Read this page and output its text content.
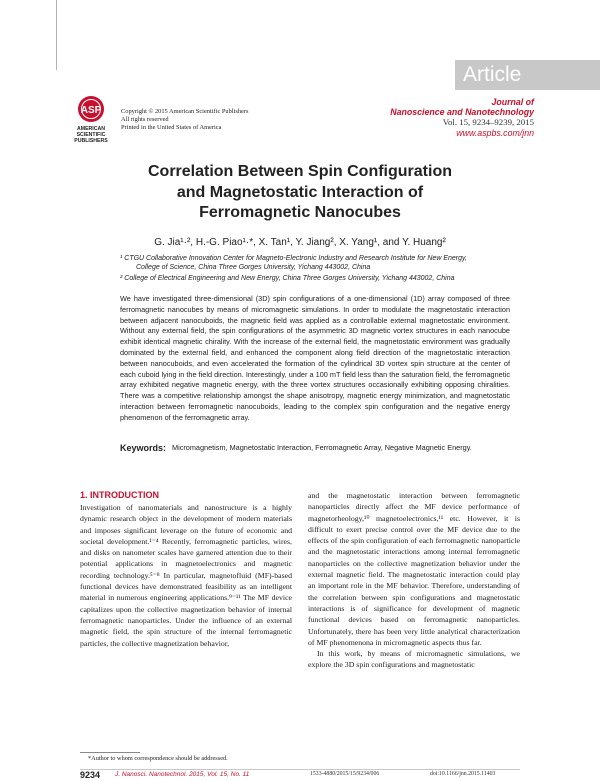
Article
ASP
AMERICAN
SCIENTIFIC
PUBLISHERS
Copyright © 2015 American Scientific Publishers
All rights reserved
Printed in the United States of America
Journal of
Nanoscience and Nanotechnology
Vol. 15, 9234–9239, 2015
www.aspbs.com/jnn
Correlation Between Spin Configuration
and Magnetostatic Interaction of
Ferromagnetic Nanocubes
G. Jia¹·², H.-G. Piao¹·*, X. Tan¹, Y. Jiang², X. Yang¹, and Y. Huang²
¹ CTGU Collaborative Innovation Center for Magneto-Electronic Industry and Research Institute for New Energy,
College of Science, China Three Gorges University, Yichang 443002, China
² College of Electrical Engineering and New Energy, China Three Gorges University, Yichang 443002, China
We have investigated three-dimensional (3D) spin configurations of a one-dimensional (1D) array composed of three ferromagnetic nanocubes by means of micromagnetic simulations. In order to modulate the magnetostatic interaction between adjacent nanocuboids, the magnetic field was applied as a controllable external magnetostatic environment. Without any external field, the spin configurations of the asymmetric 3D magnetic vortex structures in each nanocube exhibit identical magnetic chirality. With the increase of the external field, the magnetostatic environment was gradually dominated by the external field, and enhanced the component along field direction of the magnetostatic interaction between nanocuboids, and even accelerated the formation of the cylindrical 3D vortex spin structure at the center of each cuboid lying in the field direction. Interestingly, under a 100 mT field less than the saturation field, the ferromagnetic array exhibited negative magnetic energy, with the three vortex structures occasionally exhibiting opposing chiralities. There was a competitive relationship amongst the shape anisotropy, magnetic energy minimization, and magnetostatic interaction between ferromagnetic nanocuboids, leading to the complex spin configuration and the negative energy phenomenon of the ferromagnetic array.
Keywords: Micromagnetism, Magnetostatic Interaction, Ferromagnetic Array, Negative Magnetic Energy.
1. INTRODUCTION

Investigation of nanomaterials and nanostructure is a highly dynamic research object in the development of modern materials and imposes significant leverage on the future of economic and societal development.¹⁻⁴ Recently, ferromagnetic particles, wires, and disks on nanometer scales have garnered attention due to their potential applications in magnetoelectronics and magnetic recording technology.⁵⁻⁸ In particular, magnetofluid (MF)-based functional devices have demonstrated feasibility as an intelligent material in numerous engineering applications.⁹⁻¹¹ The MF device capitalizes upon the collective magnetization behavior of internal ferromagnetic nanoparticles. Under the influence of an external magnetic field, the spin structure of the internal ferromagnetic particles, the collective magnetization behavior,

and the magnetostatic interaction between ferromagnetic nanoparticles directly affect the MF device performance of magnetorheology,¹⁰ magnetoelectronics,¹¹ etc. However, it is difficult to exert precise control over the MF device due to the effects of the spin configuration of each ferromagnetic nanoparticle and the magnetostatic interactions among internal ferromagnetic nanoparticles on the collective magnetization behavior under the external magnetic field. The magnetostatic interaction could play an important role in the MF behavior. Therefore, understanding of the correlation between spin configurations and magnetostatic interactions is of significance for development of magnetic functional devices based on ferromagnetic nanoparticles. Unfortunately, there has been very little analytical characterization of MF phenomenona in micromagnetic aspects thus far.

In this work, by means of micromagnetic simulations, we explore the 3D spin configurations and magnetostatic

*Author to whom correspondence should be addressed.
9234 J. Nanosci. Nanotechnol. 2015, Vol. 15, No. 11	1533-4880/2015/15/9234/006	doi:10.1166/jnn.2015.11403
